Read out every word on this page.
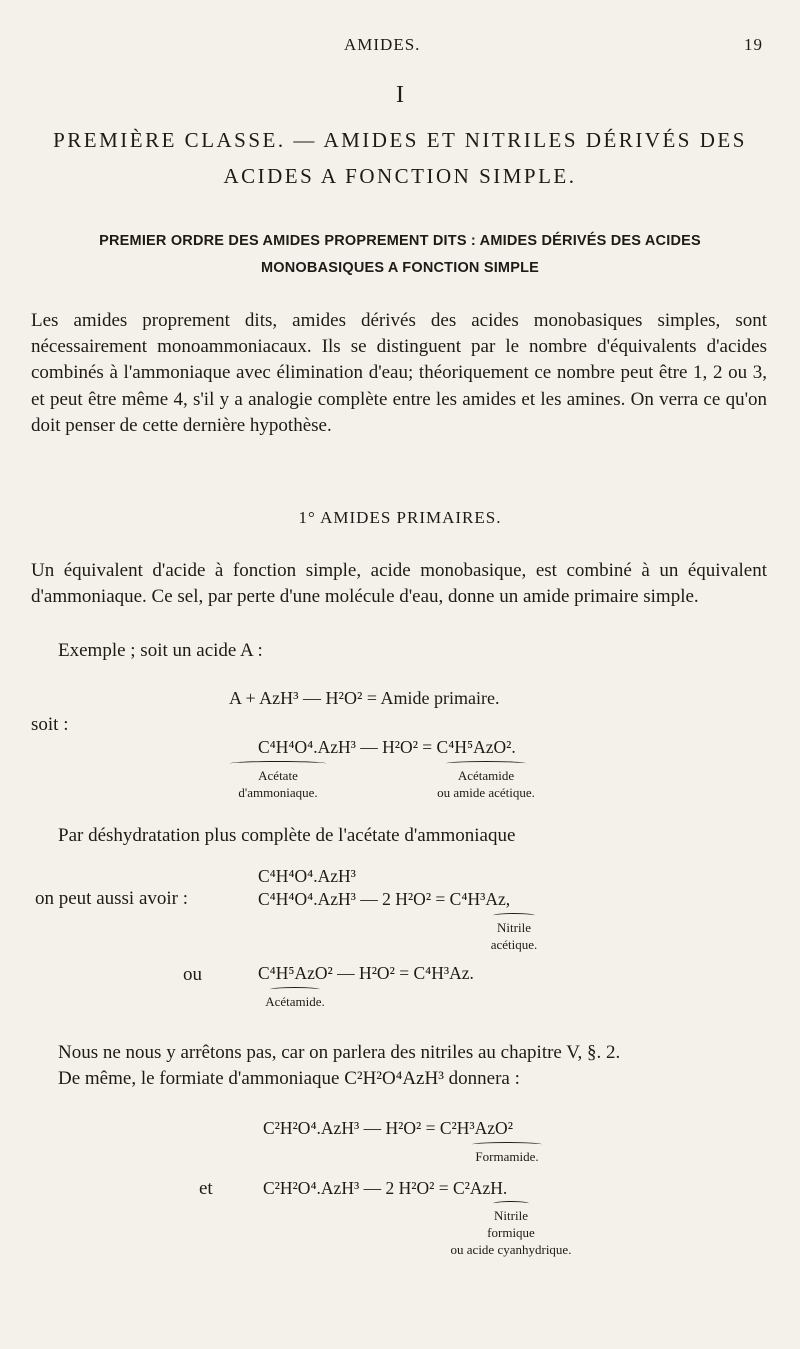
AMIDES.	19
I
PREMIÈRE CLASSE. — AMIDES ET NITRILES DÉRIVÉS DES
ACIDES A FONCTION SIMPLE.
PREMIER ORDRE DES AMIDES PROPREMENT DITS : AMIDES DÉRIVÉS DES ACIDES
MONOBASIQUES A FONCTION SIMPLE
Les amides proprement dits, amides dérivés des acides monobasiques simples, sont nécessairement monoammoniacaux. Ils se distinguent par le nombre d'équivalents d'acides combinés à l'ammoniaque avec élimination d'eau; théoriquement ce nombre peut être 1, 2 ou 3, et peut être même 4, s'il y a analogie complète entre les amides et les amines. On verra ce qu'on doit penser de cette dernière hypothèse.
1° AMIDES PRIMAIRES.
Un équivalent d'acide à fonction simple, acide monobasique, est combiné à un équivalent d'ammoniaque. Ce sel, par perte d'une molécule d'eau, donne un amide primaire simple.
Exemple ; soit un acide A :
A + AzH³ — H²O² = Amide primaire.
soit :
C⁴H⁴O⁴.AzH³ — H²O² = C⁴H⁵AzO².
Acétate
d'ammoniaque.
Acétamide
ou amide acétique.
Par déshydratation plus complète de l'acétate d'ammoniaque
C⁴H⁴O⁴.AzH³
on peut aussi avoir :	C⁴H⁴O⁴.AzH³ — 2 H²O² = C⁴H³Az,
Nitrile
acétique.
ou	C⁴H⁵AzO² — H²O² = C⁴H³Az.
Acétamide.
Nous ne nous y arrêtons pas, car on parlera des nitriles au chapitre V, §. 2.
De même, le formiate d'ammoniaque C²H²O⁴AzH³ donnera :
C²H²O⁴.AzH³ — H²O² = C²H³AzO²
Formamide.
et	C²H²O⁴.AzH³ — 2 H²O² = C²AzH.
Nitrile
formique
ou acide cyanhydrique.
